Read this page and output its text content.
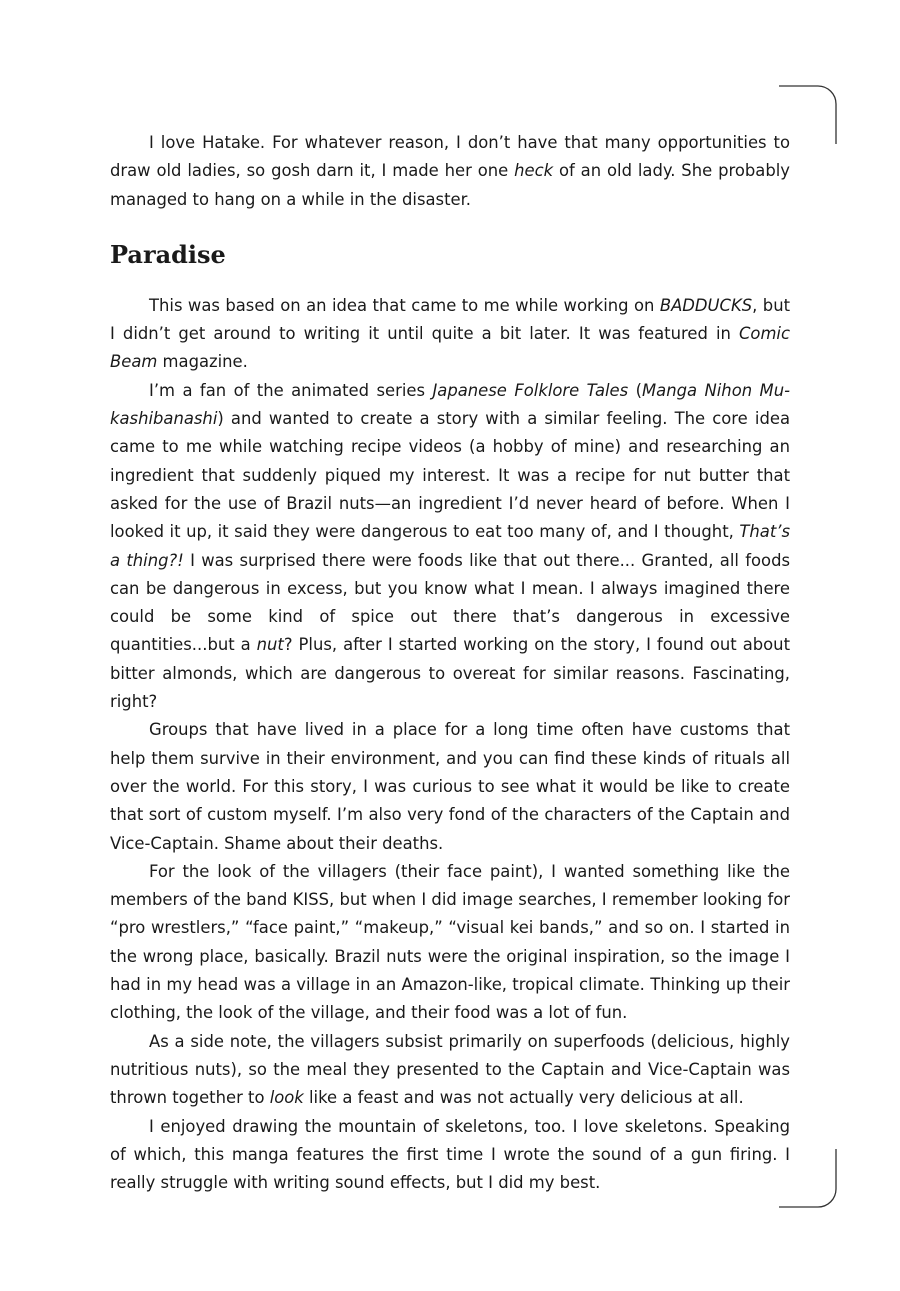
I love Hatake. For whatever reason, I don’t have that many opportunities to draw old ladies, so gosh darn it, I made her one heck of an old lady. She probably managed to hang on a while in the disaster.

Paradise

This was based on an idea that came to me while working on BADDUCKS, but I didn’t get around to writing it until quite a bit later. It was featured in Comic Beam magazine.

I’m a fan of the animated series Japanese Folklore Tales (Manga Nihon Mukashibanashi) and wanted to create a story with a similar feeling. The core idea came to me while watching recipe videos (a hobby of mine) and researching an ingredient that suddenly piqued my interest. It was a recipe for nut butter that asked for the use of Brazil nuts—an ingredient I’d never heard of before. When I looked it up, it said they were dangerous to eat too many of, and I thought, That’s a thing?! I was surprised there were foods like that out there... Granted, all foods can be dangerous in excess, but you know what I mean. I always imagined there could be some kind of spice out there that’s dangerous in excessive quantities...but a nut? Plus, after I started working on the story, I found out about bitter almonds, which are dangerous to overeat for similar reasons. Fascinating, right?

Groups that have lived in a place for a long time often have customs that help them survive in their environment, and you can find these kinds of rituals all over the world. For this story, I was curious to see what it would be like to create that sort of custom myself. I’m also very fond of the characters of the Captain and Vice-Captain. Shame about their deaths.

For the look of the villagers (their face paint), I wanted something like the members of the band KISS, but when I did image searches, I remember looking for “pro wrestlers,” “face paint,” “makeup,” “visual kei bands,” and so on. I started in the wrong place, basically. Brazil nuts were the original inspiration, so the image I had in my head was a village in an Amazon-like, tropical climate. Thinking up their clothing, the look of the village, and their food was a lot of fun.

As a side note, the villagers subsist primarily on superfoods (delicious, highly nutritious nuts), so the meal they presented to the Captain and Vice-Captain was thrown together to look like a feast and was not actually very delicious at all.

I enjoyed drawing the mountain of skeletons, too. I love skeletons. Speaking of which, this manga features the first time I wrote the sound of a gun firing. I really struggle with writing sound effects, but I did my best.
